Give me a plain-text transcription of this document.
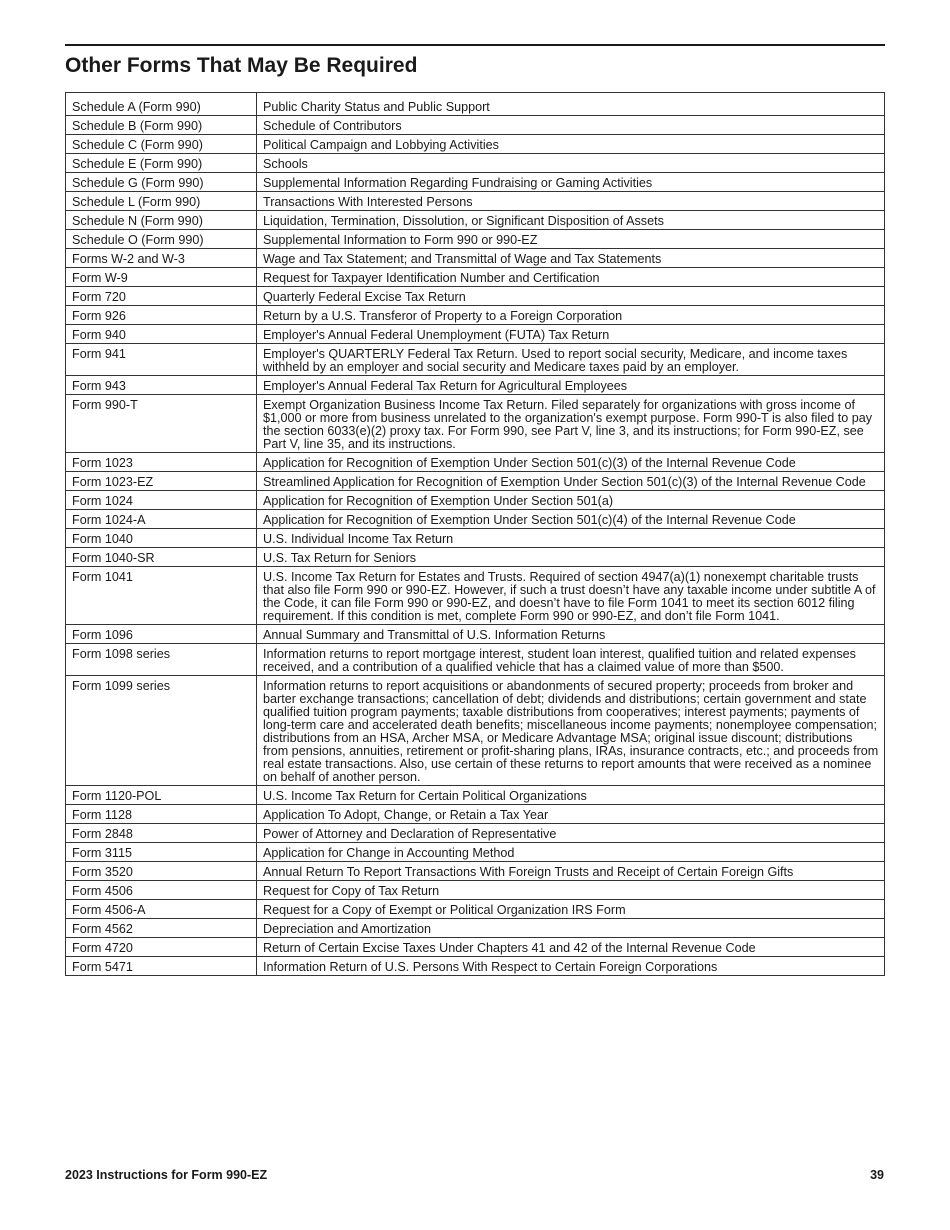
Other Forms That May Be Required
Schedule A (Form 990)	Public Charity Status and Public Support
Schedule B (Form 990)	Schedule of Contributors
Schedule C (Form 990)	Political Campaign and Lobbying Activities
Schedule E (Form 990)	Schools
Schedule G (Form 990)	Supplemental Information Regarding Fundraising or Gaming Activities
Schedule L (Form 990)	Transactions With Interested Persons
Schedule N (Form 990)	Liquidation, Termination, Dissolution, or Significant Disposition of Assets
Schedule O (Form 990)	Supplemental Information to Form 990 or 990-EZ
Forms W-2 and W-3	Wage and Tax Statement; and Transmittal of Wage and Tax Statements
Form W-9	Request for Taxpayer Identification Number and Certification
Form 720	Quarterly Federal Excise Tax Return
Form 926	Return by a U.S. Transferor of Property to a Foreign Corporation
Form 940	Employer's Annual Federal Unemployment (FUTA) Tax Return
Form 941	Employer's QUARTERLY Federal Tax Return. Used to report social security, Medicare, and income taxes withheld by an employer and social security and Medicare taxes paid by an employer.
Form 943	Employer's Annual Federal Tax Return for Agricultural Employees
Form 990-T	Exempt Organization Business Income Tax Return. Filed separately for organizations with gross income of $1,000 or more from business unrelated to the organization's exempt purpose. Form 990-T is also filed to pay the section 6033(e)(2) proxy tax. For Form 990, see Part V, line 3, and its instructions; for Form 990-EZ, see Part V, line 35, and its instructions.
Form 1023	Application for Recognition of Exemption Under Section 501(c)(3) of the Internal Revenue Code
Form 1023-EZ	Streamlined Application for Recognition of Exemption Under Section 501(c)(3) of the Internal Revenue Code
Form 1024	Application for Recognition of Exemption Under Section 501(a)
Form 1024-A	Application for Recognition of Exemption Under Section 501(c)(4) of the Internal Revenue Code
Form 1040	U.S. Individual Income Tax Return
Form 1040-SR	U.S. Tax Return for Seniors
Form 1041	U.S. Income Tax Return for Estates and Trusts. Required of section 4947(a)(1) nonexempt charitable trusts that also file Form 990 or 990-EZ. However, if such a trust doesn’t have any taxable income under subtitle A of the Code, it can file Form 990 or 990-EZ, and doesn’t have to file Form 1041 to meet its section 6012 filing requirement. If this condition is met, complete Form 990 or 990-EZ, and don’t file Form 1041.
Form 1096	Annual Summary and Transmittal of U.S. Information Returns
Form 1098 series	Information returns to report mortgage interest, student loan interest, qualified tuition and related expenses received, and a contribution of a qualified vehicle that has a claimed value of more than $500.
Form 1099 series	Information returns to report acquisitions or abandonments of secured property; proceeds from broker and barter exchange transactions; cancellation of debt; dividends and distributions; certain government and state qualified tuition program payments; taxable distributions from cooperatives; interest payments; payments of long-term care and accelerated death benefits; miscellaneous income payments; nonemployee compensation; distributions from an HSA, Archer MSA, or Medicare Advantage MSA; original issue discount; distributions from pensions, annuities, retirement or profit-sharing plans, IRAs, insurance contracts, etc.; and proceeds from real estate transactions. Also, use certain of these returns to report amounts that were received as a nominee on behalf of another person.
Form 1120-POL	U.S. Income Tax Return for Certain Political Organizations
Form 1128	Application To Adopt, Change, or Retain a Tax Year
Form 2848	Power of Attorney and Declaration of Representative
Form 3115	Application for Change in Accounting Method
Form 3520	Annual Return To Report Transactions With Foreign Trusts and Receipt of Certain Foreign Gifts
Form 4506	Request for Copy of Tax Return
Form 4506-A	Request for a Copy of Exempt or Political Organization IRS Form
Form 4562	Depreciation and Amortization
Form 4720	Return of Certain Excise Taxes Under Chapters 41 and 42 of the Internal Revenue Code
Form 5471	Information Return of U.S. Persons With Respect to Certain Foreign Corporations
2023 Instructions for Form 990-EZ	39
